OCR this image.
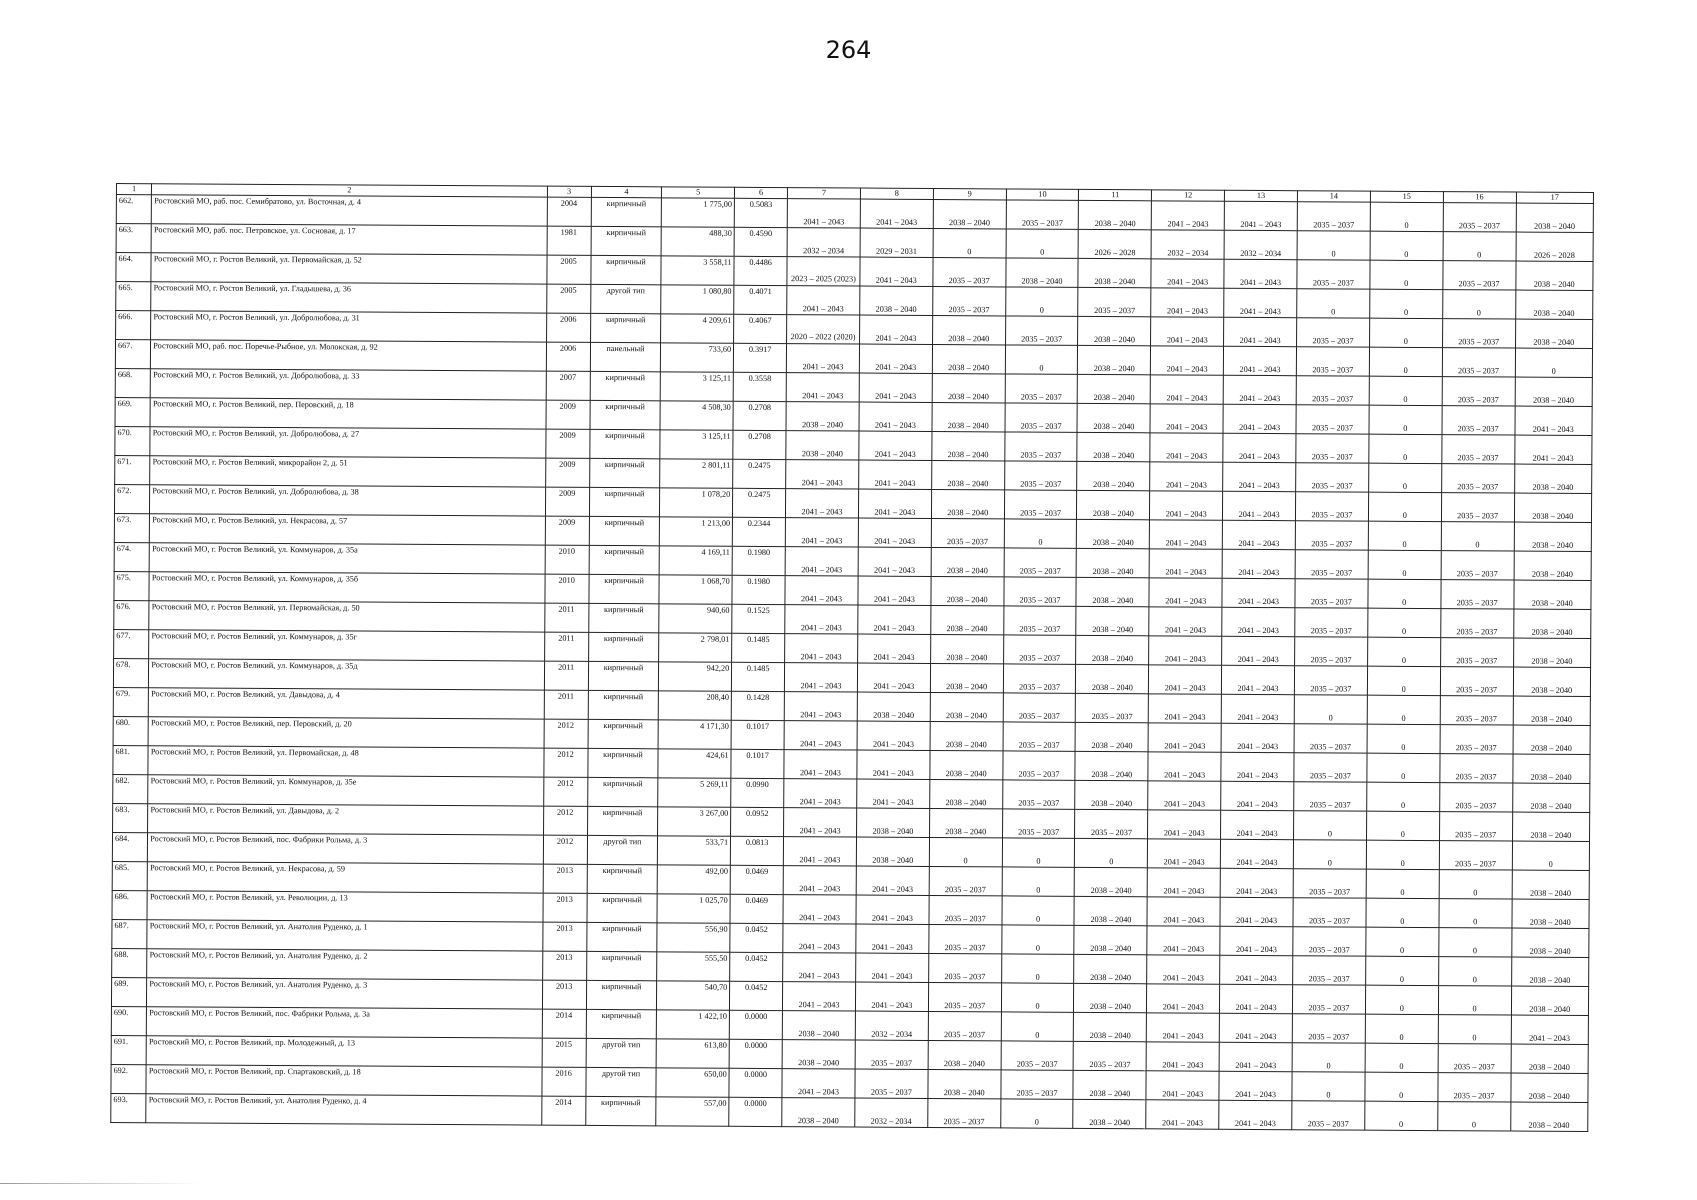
264
1	2	3	4	5	6	7	8	9	10	11	12	13	14	15	16	17
662.	Ростовский МО, раб. пос. Семибратово, ул. Восточная, д. 4	2004	кирпичный	1 775,00	0.5083	2041 – 2043	2041 – 2043	2038 – 2040	2035 – 2037	2038 – 2040	2041 – 2043	2041 – 2043	2035 – 2037	0	2035 – 2037	2038 – 2040
663.	Ростовский МО, раб. пос. Петровское, ул. Сосновая, д. 17	1981	кирпичный	488,30	0.4590	2032 – 2034	2029 – 2031	0	0	2026 – 2028	2032 – 2034	2032 – 2034	0	0	0	2026 – 2028
664.	Ростовский МО, г. Ростов Великий, ул. Первомайская, д. 52	2005	кирпичный	3 558,11	0.4486	2023 – 2025 (2023)	2041 – 2043	2035 – 2037	2038 – 2040	2038 – 2040	2041 – 2043	2041 – 2043	2035 – 2037	0	2035 – 2037	2038 – 2040
665.	Ростовский МО, г. Ростов Великий, ул. Гладышева, д. 36	2005	другой тип	1 080,80	0.4071	2041 – 2043	2038 – 2040	2035 – 2037	0	2035 – 2037	2041 – 2043	2041 – 2043	0	0	0	2038 – 2040
666.	Ростовский МО, г. Ростов Великий, ул. Добролюбова, д. 31	2006	кирпичный	4 209,61	0.4067	2020 – 2022 (2020)	2041 – 2043	2038 – 2040	2035 – 2037	2038 – 2040	2041 – 2043	2041 – 2043	2035 – 2037	0	2035 – 2037	2038 – 2040
667.	Ростовский МО, раб. пос. Поречье-Рыбное, ул. Молокская, д. 92	2006	панельный	733,60	0.3917	2041 – 2043	2041 – 2043	2038 – 2040	0	2038 – 2040	2041 – 2043	2041 – 2043	2035 – 2037	0	2035 – 2037	0
668.	Ростовский МО, г. Ростов Великий, ул. Добролюбова, д. 33	2007	кирпичный	3 125,11	0.3558	2041 – 2043	2041 – 2043	2038 – 2040	2035 – 2037	2038 – 2040	2041 – 2043	2041 – 2043	2035 – 2037	0	2035 – 2037	2038 – 2040
669.	Ростовский МО, г. Ростов Великий, пер. Перовский, д. 18	2009	кирпичный	4 508,30	0.2708	2038 – 2040	2041 – 2043	2038 – 2040	2035 – 2037	2038 – 2040	2041 – 2043	2041 – 2043	2035 – 2037	0	2035 – 2037	2041 – 2043
670.	Ростовский МО, г. Ростов Великий, ул. Добролюбова, д. 27	2009	кирпичный	3 125,11	0.2708	2038 – 2040	2041 – 2043	2038 – 2040	2035 – 2037	2038 – 2040	2041 – 2043	2041 – 2043	2035 – 2037	0	2035 – 2037	2041 – 2043
671.	Ростовский МО, г. Ростов Великий, микрорайон 2, д. 51	2009	кирпичный	2 801,11	0.2475	2041 – 2043	2041 – 2043	2038 – 2040	2035 – 2037	2038 – 2040	2041 – 2043	2041 – 2043	2035 – 2037	0	2035 – 2037	2038 – 2040
672.	Ростовский МО, г. Ростов Великий, ул. Добролюбова, д. 38	2009	кирпичный	1 078,20	0.2475	2041 – 2043	2041 – 2043	2038 – 2040	2035 – 2037	2038 – 2040	2041 – 2043	2041 – 2043	2035 – 2037	0	2035 – 2037	2038 – 2040
673.	Ростовский МО, г. Ростов Великий, ул. Некрасова, д. 57	2009	кирпичный	1 213,00	0.2344	2041 – 2043	2041 – 2043	2035 – 2037	0	2038 – 2040	2041 – 2043	2041 – 2043	2035 – 2037	0	0	2038 – 2040
674.	Ростовский МО, г. Ростов Великий, ул. Коммунаров, д. 35а	2010	кирпичный	4 169,11	0.1980	2041 – 2043	2041 – 2043	2038 – 2040	2035 – 2037	2038 – 2040	2041 – 2043	2041 – 2043	2035 – 2037	0	2035 – 2037	2038 – 2040
675.	Ростовский МО, г. Ростов Великий, ул. Коммунаров, д. 35б	2010	кирпичный	1 068,70	0.1980	2041 – 2043	2041 – 2043	2038 – 2040	2035 – 2037	2038 – 2040	2041 – 2043	2041 – 2043	2035 – 2037	0	2035 – 2037	2038 – 2040
676.	Ростовский МО, г. Ростов Великий, ул. Первомайская, д. 50	2011	кирпичный	940,60	0.1525	2041 – 2043	2041 – 2043	2038 – 2040	2035 – 2037	2038 – 2040	2041 – 2043	2041 – 2043	2035 – 2037	0	2035 – 2037	2038 – 2040
677.	Ростовский МО, г. Ростов Великий, ул. Коммунаров, д. 35г	2011	кирпичный	2 798,01	0.1485	2041 – 2043	2041 – 2043	2038 – 2040	2035 – 2037	2038 – 2040	2041 – 2043	2041 – 2043	2035 – 2037	0	2035 – 2037	2038 – 2040
678.	Ростовский МО, г. Ростов Великий, ул. Коммунаров, д. 35д	2011	кирпичный	942,20	0.1485	2041 – 2043	2041 – 2043	2038 – 2040	2035 – 2037	2038 – 2040	2041 – 2043	2041 – 2043	2035 – 2037	0	2035 – 2037	2038 – 2040
679.	Ростовский МО, г. Ростов Великий, ул. Давыдова, д. 4	2011	кирпичный	208,40	0.1428	2041 – 2043	2038 – 2040	2038 – 2040	2035 – 2037	2035 – 2037	2041 – 2043	2041 – 2043	0	0	2035 – 2037	2038 – 2040
680.	Ростовский МО, г. Ростов Великий, пер. Перовский, д. 20	2012	кирпичный	4 171,30	0.1017	2041 – 2043	2041 – 2043	2038 – 2040	2035 – 2037	2038 – 2040	2041 – 2043	2041 – 2043	2035 – 2037	0	2035 – 2037	2038 – 2040
681.	Ростовский МО, г. Ростов Великий, ул. Первомайская, д. 48	2012	кирпичный	424,61	0.1017	2041 – 2043	2041 – 2043	2038 – 2040	2035 – 2037	2038 – 2040	2041 – 2043	2041 – 2043	2035 – 2037	0	2035 – 2037	2038 – 2040
682.	Ростовский МО, г. Ростов Великий, ул. Коммунаров, д. 35е	2012	кирпичный	5 269,11	0.0990	2041 – 2043	2041 – 2043	2038 – 2040	2035 – 2037	2038 – 2040	2041 – 2043	2041 – 2043	2035 – 2037	0	2035 – 2037	2038 – 2040
683.	Ростовский МО, г. Ростов Великий, ул. Давыдова, д. 2	2012	кирпичный	3 267,00	0.0952	2041 – 2043	2038 – 2040	2038 – 2040	2035 – 2037	2035 – 2037	2041 – 2043	2041 – 2043	0	0	2035 – 2037	2038 – 2040
684.	Ростовский МО, г. Ростов Великий, пос. Фабрики Рольма, д. 3	2012	другой тип	533,71	0.0813	2041 – 2043	2038 – 2040	0	0	0	2041 – 2043	2041 – 2043	0	0	2035 – 2037	0
685.	Ростовский МО, г. Ростов Великий, ул. Некрасова, д. 59	2013	кирпичный	492,00	0.0469	2041 – 2043	2041 – 2043	2035 – 2037	0	2038 – 2040	2041 – 2043	2041 – 2043	2035 – 2037	0	0	2038 – 2040
686.	Ростовский МО, г. Ростов Великий, ул. Революции, д. 13	2013	кирпичный	1 025,70	0.0469	2041 – 2043	2041 – 2043	2035 – 2037	0	2038 – 2040	2041 – 2043	2041 – 2043	2035 – 2037	0	0	2038 – 2040
687.	Ростовский МО, г. Ростов Великий, ул. Анатолия Руденко, д. 1	2013	кирпичный	556,90	0.0452	2041 – 2043	2041 – 2043	2035 – 2037	0	2038 – 2040	2041 – 2043	2041 – 2043	2035 – 2037	0	0	2038 – 2040
688.	Ростовский МО, г. Ростов Великий, ул. Анатолия Руденко, д. 2	2013	кирпичный	555,50	0.0452	2041 – 2043	2041 – 2043	2035 – 2037	0	2038 – 2040	2041 – 2043	2041 – 2043	2035 – 2037	0	0	2038 – 2040
689.	Ростовский МО, г. Ростов Великий, ул. Анатолия Руденко, д. 3	2013	кирпичный	540,70	0.0452	2041 – 2043	2041 – 2043	2035 – 2037	0	2038 – 2040	2041 – 2043	2041 – 2043	2035 – 2037	0	0	2038 – 2040
690.	Ростовский МО, г. Ростов Великий, пос. Фабрики Рольма, д. 3а	2014	кирпичный	1 422,10	0.0000	2038 – 2040	2032 – 2034	2035 – 2037	0	2038 – 2040	2041 – 2043	2041 – 2043	2035 – 2037	0	0	2041 – 2043
691.	Ростовский МО, г. Ростов Великий, пр. Молодежный, д. 13	2015	другой тип	613,80	0.0000	2038 – 2040	2035 – 2037	2038 – 2040	2035 – 2037	2035 – 2037	2041 – 2043	2041 – 2043	0	0	2035 – 2037	2038 – 2040
692.	Ростовский МО, г. Ростов Великий, пр. Спартаковский, д. 18	2016	другой тип	650,00	0.0000	2041 – 2043	2035 – 2037	2038 – 2040	2035 – 2037	2038 – 2040	2041 – 2043	2041 – 2043	0	0	2035 – 2037	2038 – 2040
693.	Ростовский МО, г. Ростов Великий, ул. Анатолия Руденко, д. 4	2014	кирпичный	557,00	0.0000	2038 – 2040	2032 – 2034	2035 – 2037	0	2038 – 2040	2041 – 2043	2041 – 2043	2035 – 2037	0	0	2038 – 2040
